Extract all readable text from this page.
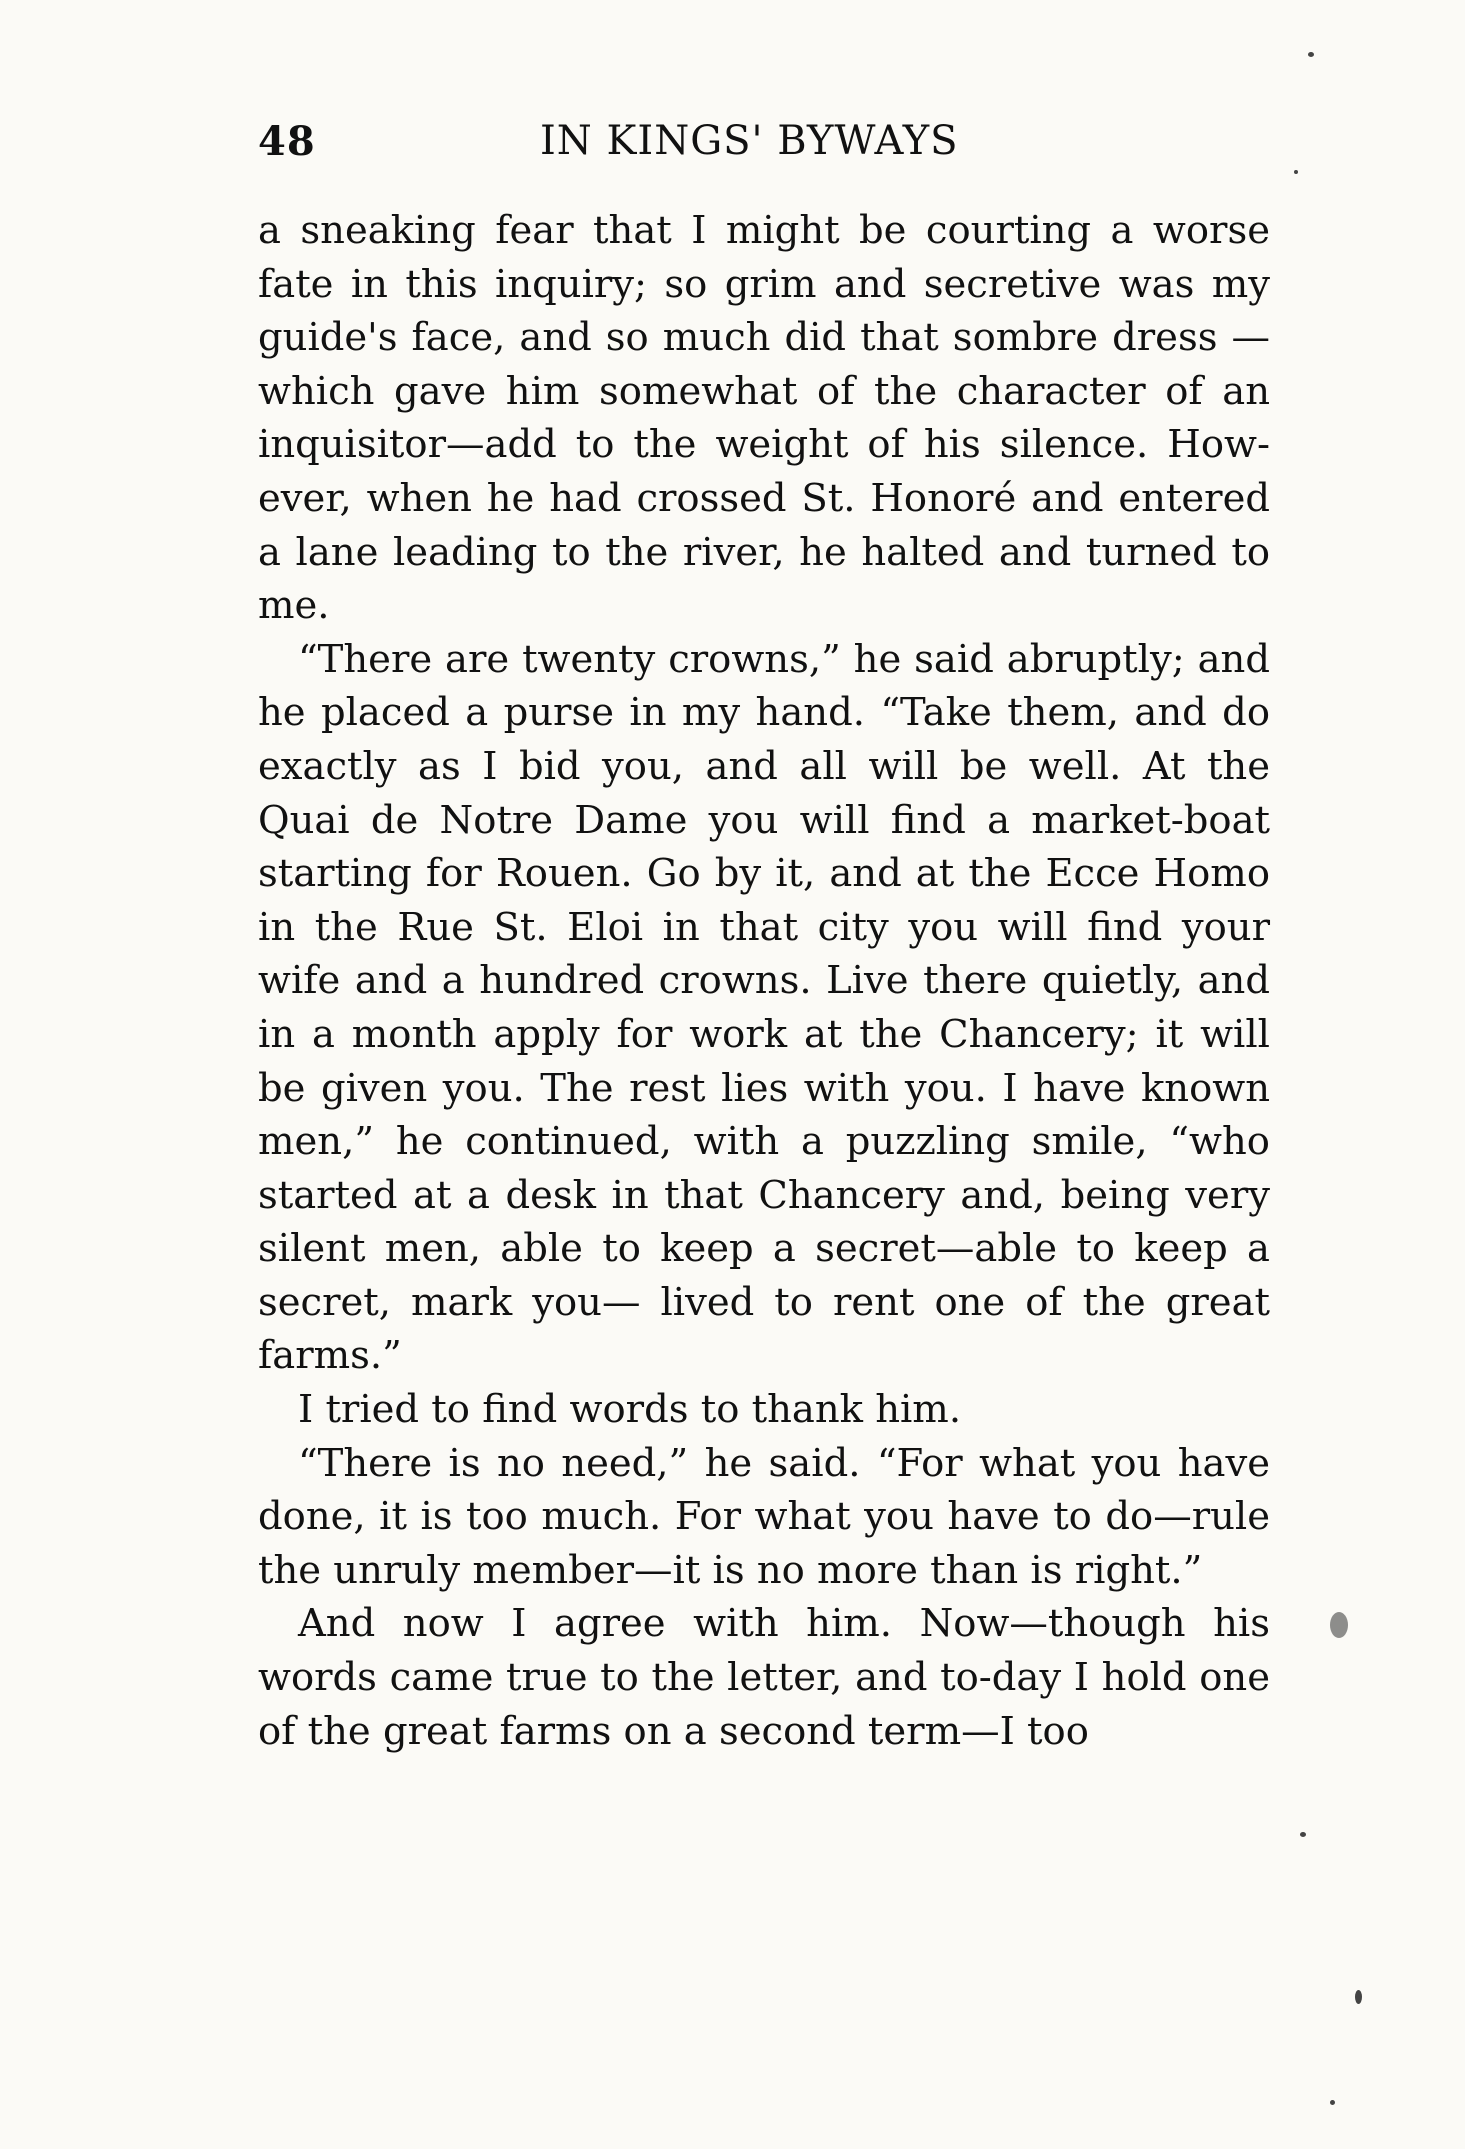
48	IN KINGS' BYWAYS

a sneaking fear that I might be courting a worse fate in this inquiry; so grim and secretive was my guide's face, and so much did that sombre dress —which gave him somewhat of the character of an inquisitor—add to the weight of his silence. However, when he had crossed St. Honoré and entered a lane leading to the river, he halted and turned to me.

“There are twenty crowns,” he said abruptly; and he placed a purse in my hand. “Take them, and do exactly as I bid you, and all will be well. At the Quai de Notre Dame you will find a market-boat starting for Rouen. Go by it, and at the Ecce Homo in the Rue St. Eloi in that city you will find your wife and a hundred crowns. Live there quietly, and in a month apply for work at the Chancery; it will be given you. The rest lies with you. I have known men,” he continued, with a puzzling smile, “who started at a desk in that Chancery and, being very silent men, able to keep a secret—able to keep a secret, mark you— lived to rent one of the great farms.”

I tried to find words to thank him.

“There is no need,” he said. “For what you have done, it is too much. For what you have to do—rule the unruly member—it is no more than is right.”

And now I agree with him. Now—though his words came true to the letter, and to-day I hold one of the great farms on a second term—I too
